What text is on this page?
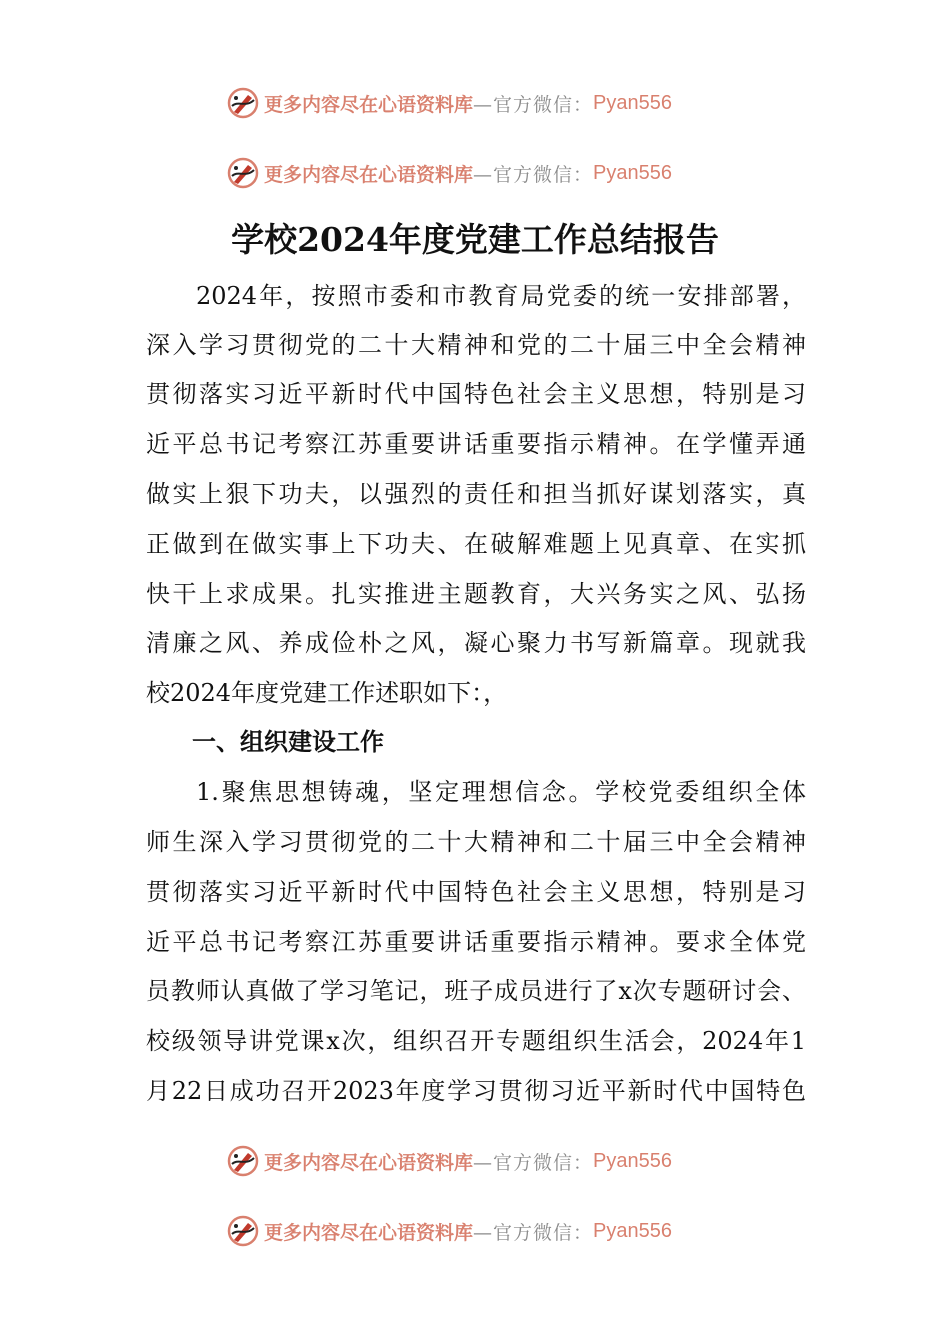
更多内容尽在心语资料库 —官方微信： Pyan556
更多内容尽在心语资料库 —官方微信： Pyan556
学校2024年度党建工作总结报告
2024年，按照市委和市教育局党委的统一安排部署，
深入学习贯彻党的二十大精神和党的二十届三中全会精神
贯彻落实习近平新时代中国特色社会主义思想，特别是习
近平总书记考察江苏重要讲话重要指示精神。在学懂弄通
做实上狠下功夫，以强烈的责任和担当抓好谋划落实，真
正做到在做实事上下功夫、在破解难题上见真章、在实抓
快干上求成果。扎实推进主题教育，大兴务实之风、弘扬
清廉之风、养成俭朴之风，凝心聚力书写新篇章。现就我
校2024年度党建工作述职如下：，
一、组织建设工作
1.聚焦思想铸魂，坚定理想信念。学校党委组织全体
师生深入学习贯彻党的二十大精神和二十届三中全会精神
贯彻落实习近平新时代中国特色社会主义思想，特别是习
近平总书记考察江苏重要讲话重要指示精神。要求全体党
员教师认真做了学习笔记，班子成员进行了x次专题研讨会、
校级领导讲党课x次，组织召开专题组织生活会，2024年1
月22日成功召开2023年度学习贯彻习近平新时代中国特色
更多内容尽在心语资料库 —官方微信： Pyan556
更多内容尽在心语资料库 —官方微信： Pyan556
